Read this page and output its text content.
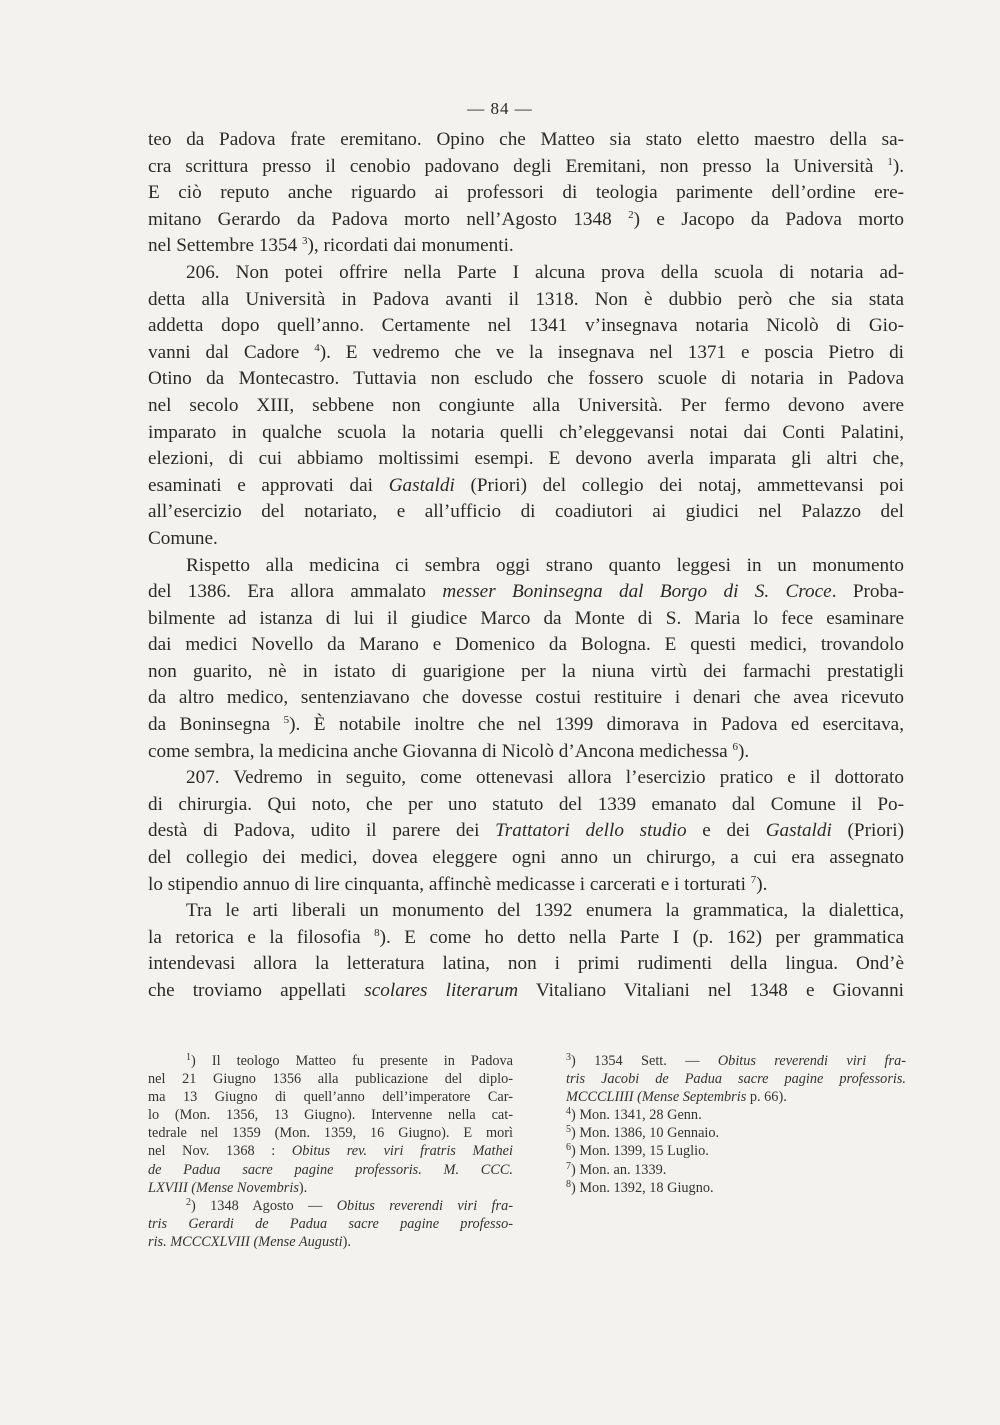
— 84 —
teo da Padova frate eremitano. Opino che Matteo sia stato eletto maestro della sa-
cra scrittura presso il cenobio padovano degli Eremitani, non presso la Università $^1$).
E ciò reputo anche riguardo ai professori di teologia parimente dell’ordine ere-
mitano Gerardo da Padova morto nell’Agosto 1348 $^2$) e Jacopo da Padova morto
nel Settembre 1354 $^3$), ricordati dai monumenti.
206. Non potei offrire nella Parte I alcuna prova della scuola di notaria ad-
detta alla Università in Padova avanti il 1318. Non è dubbio però che sia stata
addetta dopo quell’anno. Certamente nel 1341 v’insegnava notaria Nicolò di Gio-
vanni dal Cadore $^4$). E vedremo che ve la insegnava nel 1371 e poscia Pietro di
Otino da Montecastro. Tuttavia non escludo che fossero scuole di notaria in Padova
nel secolo XIII, sebbene non congiunte alla Università. Per fermo devono avere
imparato in qualche scuola la notaria quelli ch’eleggevansi notai dai Conti Palatini,
elezioni, di cui abbiamo moltissimi esempi. E devono averla imparata gli altri che,
esaminati e approvati dai Gastaldi (Priori) del collegio dei notaj, ammettevansi poi
all’esercizio del notariato, e all’ufficio di coadiutori ai giudici nel Palazzo del
Comune.
Rispetto alla medicina ci sembra oggi strano quanto leggesi in un monumento
del 1386. Era allora ammalato messer Boninsegna dal Borgo di S. Croce. Proba-
bilmente ad istanza di lui il giudice Marco da Monte di S. Maria lo fece esaminare
dai medici Novello da Marano e Domenico da Bologna. E questi medici, trovandolo
non guarito, nè in istato di guarigione per la niuna virtù dei farmachi prestatigli
da altro medico, sentenziavano che dovesse costui restituire i denari che avea ricevuto
da Boninsegna $^5$). È notabile inoltre che nel 1399 dimorava in Padova ed esercitava,
come sembra, la medicina anche Giovanna di Nicolò d’Ancona medichessa $^6$).
207. Vedremo in seguito, come ottenevasi allora l’esercizio pratico e il dottorato
di chirurgia. Qui noto, che per uno statuto del 1339 emanato dal Comune il Po-
destà di Padova, udito il parere dei Trattatori dello studio e dei Gastaldi (Priori)
del collegio dei medici, dovea eleggere ogni anno un chirurgo, a cui era assegnato
lo stipendio annuo di lire cinquanta, affinchè medicasse i carcerati e i torturati $^7$).
Tra le arti liberali un monumento del 1392 enumera la grammatica, la dialettica,
la retorica e la filosofia $^8$). E come ho detto nella Parte I (p. 162) per grammatica
intendevasi allora la letteratura latina, non i primi rudimenti della lingua. Ond’è
che troviamo appellati scolares literarum Vitaliano Vitaliani nel 1348 e Giovanni
$^1$) Il teologo Matteo fu presente in Padova
nel 21 Giugno 1356 alla publicazione del diplo-
ma 13 Giugno di quell’anno dell’imperatore Car-
lo (Mon. 1356, 13 Giugno). Intervenne nella cat-
tedrale nel 1359 (Mon. 1359, 16 Giugno). E morì
nel Nov. 1368 : Obitus rev. viri fratris Mathei
de Padua sacre pagine professoris. M. CCC.
LXVIII (Mense Novembris).
$^2$) 1348 Agosto — Obitus reverendi viri fra-
tris Gerardi de Padua sacre pagine professo-
ris. MCCCXLVIII (Mense Augusti).
$^3$) 1354 Sett. — Obitus reverendi viri fra-
tris Jacobi de Padua sacre pagine professoris.
MCCCLIIII (Mense Septembris p. 66).
$^4$) Mon. 1341, 28 Genn.
$^5$) Mon. 1386, 10 Gennaio.
$^6$) Mon. 1399, 15 Luglio.
$^7$) Mon. an. 1339.
$^8$) Mon. 1392, 18 Giugno.
